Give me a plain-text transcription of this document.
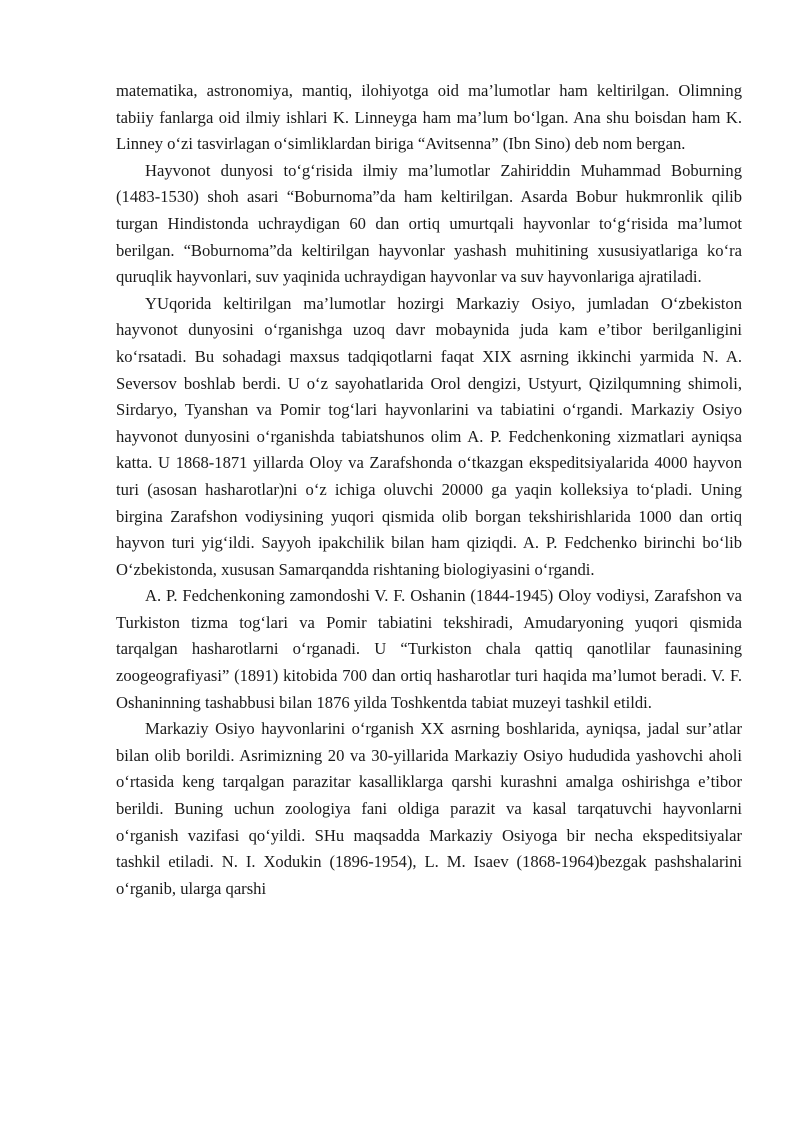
matematika, astronomiya, mantiq, ilohiyotga oid ma’lumotlar ham keltirilgan. Olimning tabiiy fanlarga oid ilmiy ishlari K. Linneyga ham ma’lum bo‘lgan. Ana shu boisdan ham K. Linney o‘zi tasvirlagan o‘simliklardan biriga “Avitsenna” (Ibn Sino) deb nom bergan.

Hayvonot dunyosi to‘g‘risida ilmiy ma’lumotlar Zahiriddin Muhammad Boburning (1483-1530) shoh asari “Boburnoma”da ham keltirilgan. Asarda Bobur hukmronlik qilib turgan Hindistonda uchraydigan 60 dan ortiq umurtqali hayvonlar to‘g‘risida ma’lumot berilgan. “Boburnoma”da keltirilgan hayvonlar yashash muhitining xususiyatlariga ko‘ra quruqlik hayvonlari, suv yaqinida uchraydigan hayvonlar va suv hayvonlariga ajratiladi.

YUqorida keltirilgan ma’lumotlar hozirgi Markaziy Osiyo, jumladan O‘zbekiston hayvonot dunyosini o‘rganishga uzoq davr mobaynida juda kam e’tibor berilganligini ko‘rsatadi. Bu sohadagi maxsus tadqiqotlarni faqat XIX asrning ikkinchi yarmida N. A. Seversov boshlab berdi. U o‘z sayohatlarida Orol dengizi, Ustyurt, Qizilqumning shimoli, Sirdaryo, Tyanshan va Pomir tog‘lari hayvonlarini va tabiatini o‘rgandi. Markaziy Osiyo hayvonot dunyosini o‘rganishda tabiatshunos olim A. P. Fedchenkoning xizmatlari ayniqsa katta. U 1868-1871 yillarda Oloy va Zarafshonda o‘tkazgan ekspeditsiyalarida 4000 hayvon turi (asosan hasharotlar)ni o‘z ichiga oluvchi 20000 ga yaqin kolleksiya to‘pladi. Uning birgina Zarafshon vodiysining yuqori qismida olib borgan tekshirishlarida 1000 dan ortiq hayvon turi yig‘ildi. Sayyoh ipakchilik bilan ham qiziqdi. A. P. Fedchenko birinchi bo‘lib O‘zbekistonda, xususan Samarqandda rishtaning biologiyasini o‘rgandi.

A. P. Fedchenkoning zamondoshi V. F. Oshanin (1844-1945) Oloy vodiysi, Zarafshon va Turkiston tizma tog‘lari va Pomir tabiatini tekshiradi, Amudaryoning yuqori qismida tarqalgan hasharotlarni o‘rganadi. U “Turkiston chala qattiq qanotlilar faunasining zoogeografiyasi” (1891) kitobida 700 dan ortiq hasharotlar turi haqida ma’lumot beradi. V. F. Oshaninning tashabbusi bilan 1876 yilda Toshkentda tabiat muzeyi tashkil etildi.

Markaziy Osiyo hayvonlarini o‘rganish XX asrning boshlarida, ayniqsa, jadal sur’atlar bilan olib borildi. Asrimizning 20 va 30-yillarida Markaziy Osiyo hududida yashovchi aholi o‘rtasida keng tarqalgan parazitar kasalliklarga qarshi kurashni amalga oshirishga e’tibor berildi. Buning uchun zoologiya fani oldiga parazit va kasal tarqatuvchi hayvonlarni o‘rganish vazifasi qo‘yildi. SHu maqsadda Markaziy Osiyoga bir necha ekspeditsiyalar tashkil etiladi. N. I. Xodukin (1896-1954), L. M. Isaev (1868-1964)bezgak pashshalarini o‘rganib, ularga qarshi
